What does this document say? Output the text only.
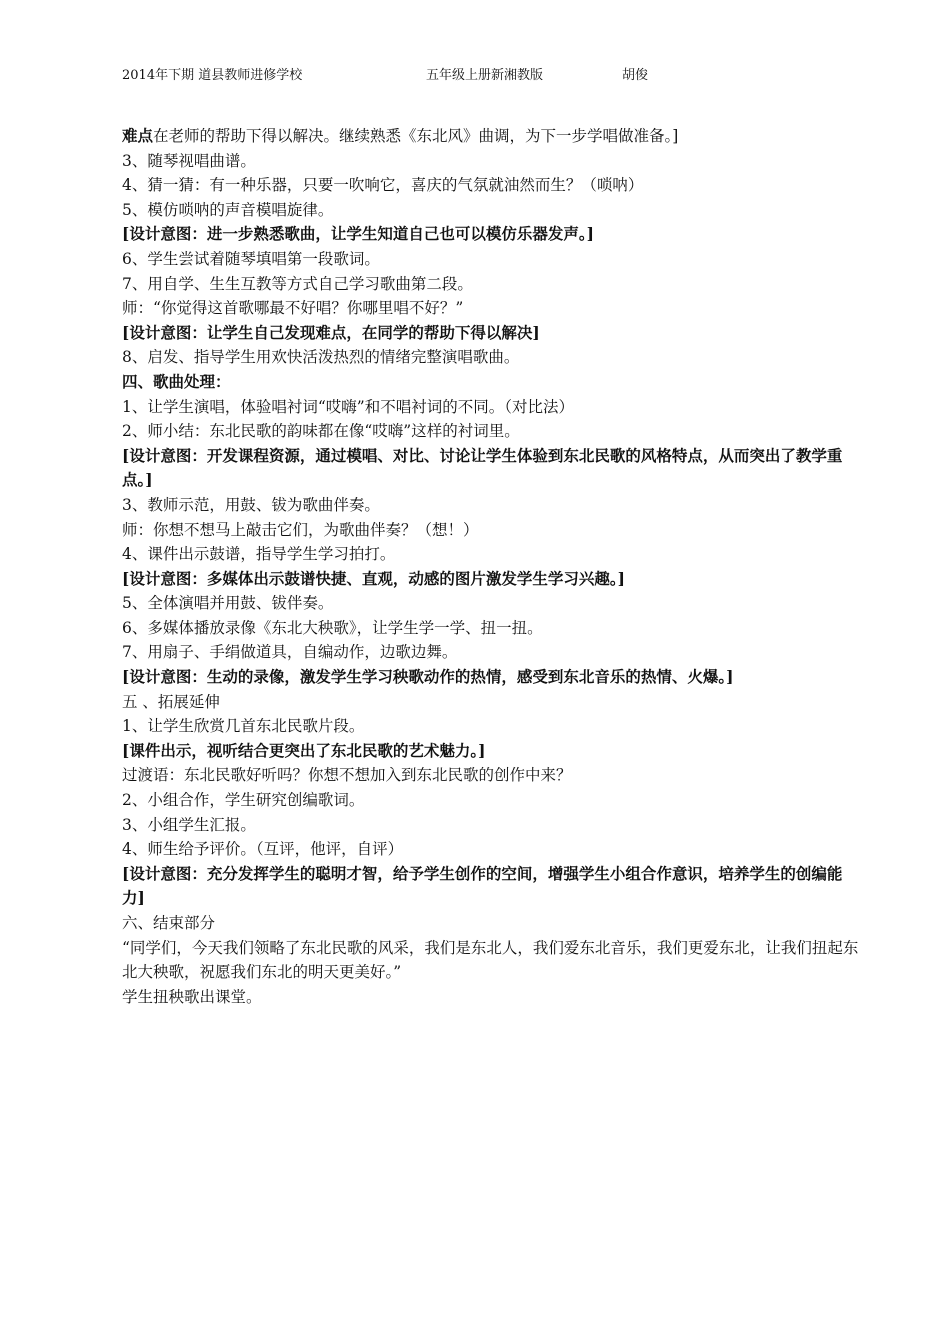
2014年下期 道县教师进修学校	五年级上册新湘教版	胡俊

难点在老师的帮助下得以解决。继续熟悉《东北风》曲调，为下一步学唱做准备。]

3、随琴视唱曲谱。

4、猜一猜：有一种乐器，只要一吹响它，喜庆的气氛就油然而生？（唢呐）

5、模仿唢呐的声音模唱旋律。

[设计意图：进一步熟悉歌曲，让学生知道自己也可以模仿乐器发声。]

6、学生尝试着随琴填唱第一段歌词。

7、用自学、生生互教等方式自己学习歌曲第二段。

师：“你觉得这首歌哪最不好唱？你哪里唱不好？”

[设计意图：让学生自己发现难点，在同学的帮助下得以解决]

8、启发、指导学生用欢快活泼热烈的情绪完整演唱歌曲。

四、歌曲处理：

1、让学生演唱，体验唱衬词“哎嗨”和不唱衬词的不同。（对比法）

2、师小结：东北民歌的韵味都在像“哎嗨”这样的衬词里。

[设计意图：开发课程资源，通过模唱、对比、讨论让学生体验到东北民歌的风格特点，从而突出了教学重点。]

3、教师示范，用鼓、钹为歌曲伴奏。

师：你想不想马上敲击它们，为歌曲伴奏？（想！）

4、课件出示鼓谱，指导学生学习拍打。

[设计意图：多媒体出示鼓谱快捷、直观，动感的图片激发学生学习兴趣。]

5、全体演唱并用鼓、钹伴奏。

6、多媒体播放录像《东北大秧歌》，让学生学一学、扭一扭。

7、用扇子、手绢做道具，自编动作，边歌边舞。

[设计意图：生动的录像，激发学生学习秧歌动作的热情，感受到东北音乐的热情、火爆。]

五 、拓展延伸

1、让学生欣赏几首东北民歌片段。

[课件出示，视听结合更突出了东北民歌的艺术魅力。]

过渡语：东北民歌好听吗？你想不想加入到东北民歌的创作中来？

2、小组合作，学生研究创编歌词。

3、小组学生汇报。

4、师生给予评价。（互评，他评，自评）

[设计意图：充分发挥学生的聪明才智，给予学生创作的空间，增强学生小组合作意识，培养学生的创编能力]

六、结束部分

“同学们，今天我们领略了东北民歌的风采，我们是东北人，我们爱东北音乐，我们更爱东北，让我们扭起东北大秧歌，祝愿我们东北的明天更美好。”

学生扭秧歌出课堂。
